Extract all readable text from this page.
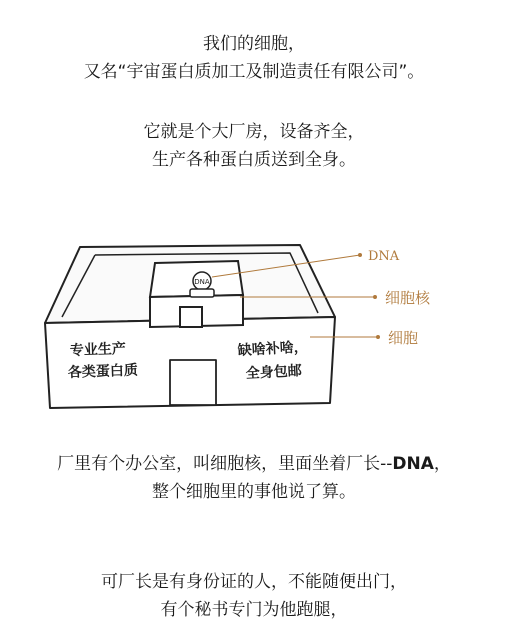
我们的细胞，
又名“宇宙蛋白质加工及制造责任有限公司”。
它就是个大厂房，设备齐全，
生产各种蛋白质送到全身。
DNA
DNA
细胞核
细胞
专业生产
各类蛋白质
缺啥补啥，
全身包邮
厂里有个办公室，叫细胞核，里面坐着厂长--DNA，
整个细胞里的事他说了算。
可厂长是有身份证的人，不能随便出门，
有个秘书专门为他跑腿，
